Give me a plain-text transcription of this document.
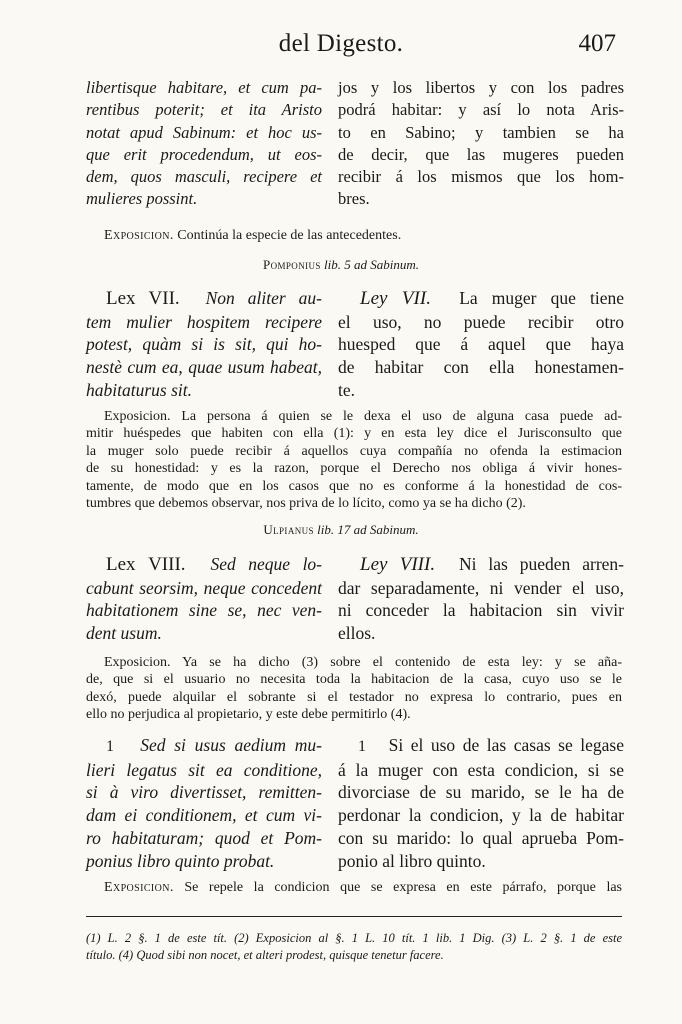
del Digesto.	407
libertisque habitare, et cum pa-
rentibus poterit; et ita Aristo
notat apud Sabinum: et hoc us-
que erit procedendum, ut eos-
dem, quos masculi, recipere et
mulieres possint.
jos y los libertos y con los padres
podrá habitar: y así lo nota Aris-
to en Sabino; y tambien se ha
de decir, que las mugeres pueden
recibir á los mismos que los hom-
bres.
Exposicion. Continúa la especie de las antecedentes.
Pomponius lib. 5 ad Sabinum.
Lex VII. Non aliter au-
tem mulier hospitem recipere
potest, quàm si is sit, qui ho-
nestè cum ea, quae usum habeat,
habitaturus sit.
Ley VII. La muger que tiene
el uso, no puede recibir otro
huesped que á aquel que haya
de habitar con ella honestamen-
te.
Exposicion. La persona á quien se le dexa el uso de alguna casa puede ad-
mitir huéspedes que habiten con ella (1): y en esta ley dice el Jurisconsulto que
la muger solo puede recibir á aquellos cuya compañía no ofenda la estimacion
de su honestidad: y es la razon, porque el Derecho nos obliga á vivir hones-
tamente, de modo que en los casos que no es conforme á la honestidad de cos-
tumbres que debemos observar, nos priva de lo lícito, como ya se ha dicho (2).
Ulpianus lib. 17 ad Sabinum.
Lex VIII. Sed neque lo-
cabunt seorsim, neque concedent
habitationem sine se, nec ven-
dent usum.
Ley VIII. Ni las pueden arren-
dar separadamente, ni vender el uso,
ni conceder la habitacion sin vivir
ellos.
Exposicion. Ya se ha dicho (3) sobre el contenido de esta ley: y se aña-
de, que si el usuario no necesita toda la habitacion de la casa, cuyo uso se le
dexó, puede alquilar el sobrante si el testador no expresa lo contrario, pues en
ello no perjudica al propietario, y este debe permitirlo (4).
1 Sed si usus aedium mu-
lieri legatus sit ea conditione,
si à viro divertisset, remitten-
dam ei conditionem, et cum vi-
ro habitaturam; quod et Pom-
ponius libro quinto probat.
1 Si el uso de las casas se legase
á la muger con esta condicion, si se
divorciase de su marido, se le ha de
perdonar la condicion, y la de habitar
con su marido: lo qual aprueba Pom-
ponio al libro quinto.
Exposicion. Se repele la condicion que se expresa en este párrafo, porque las
(1) L. 2 §. 1 de este tít. (2) Exposicion al §. 1 L. 10 tít. 1 lib. 1 Dig. (3) L. 2 §. 1 de este
título. (4) Quod sibi non nocet, et alteri prodest, quisque tenetur facere.
